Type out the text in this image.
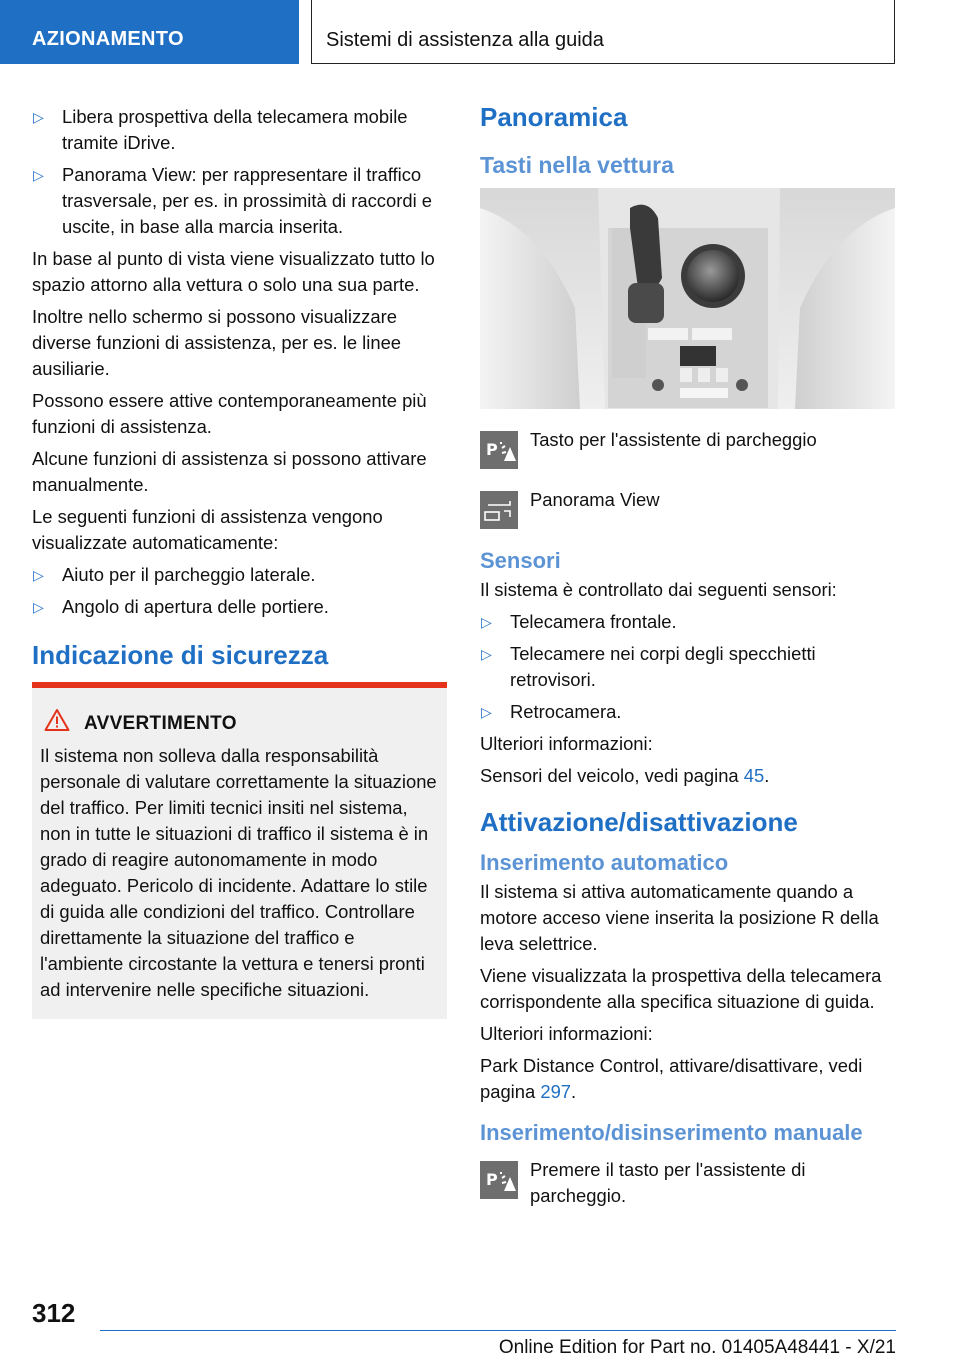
AZIONAMENTO	Sistemi di assistenza alla guida
▷ Libera prospettiva della telecamera mobile tramite iDrive.
▷ Panorama View: per rappresentare il traffico trasversale, per es. in prossimità di raccordi e uscite, in base alla marcia inserita.

In base al punto di vista viene visualizzato tutto lo spazio attorno alla vettura o solo una sua parte.

Inoltre nello schermo si possono visualizzare diverse funzioni di assistenza, per es. le linee ausiliarie.

Possono essere attive contemporaneamente più funzioni di assistenza.

Alcune funzioni di assistenza si possono attivare manualmente.

Le seguenti funzioni di assistenza vengono visualizzate automaticamente:

▷ Aiuto per il parcheggio laterale.
▷ Angolo di apertura delle portiere.
Indicazione di sicurezza
AVVERTIMENTO
Il sistema non solleva dalla responsabilità personale di valutare correttamente la situazione del traffico. Per limiti tecnici insiti nel sistema, non in tutte le situazioni di traffico il sistema è in grado di reagire autonomamente in modo adeguato. Pericolo di incidente. Adattare lo stile di guida alle condizioni del traffico. Controllare direttamente la situazione del traffico e l'ambiente circostante la vettura e tenersi pronti ad intervenire nelle specifiche situazioni.
Panoramica
Tasti nella vettura
P Tasto per l'assistente di parcheggio
Panorama View
Sensori

Il sistema è controllato dai seguenti sensori:

▷ Telecamera frontale.
▷ Telecamere nei corpi degli specchietti retrovisori.
▷ Retrocamera.

Ulteriori informazioni:

Sensori del veicolo, vedi pagina 45.

Attivazione/disattivazione
Inserimento automatico

Il sistema si attiva automaticamente quando a motore acceso viene inserita la posizione R della leva selettrice.

Viene visualizzata la prospettiva della telecamera corrispondente alla specifica situazione di guida.

Ulteriori informazioni:

Park Distance Control, attivare/disattivare, vedi pagina 297.

Inserimento/disinserimento manuale
P Premere il tasto per l'assistente di parcheggio.
312
Online Edition for Part no. 01405A48441 - X/21
